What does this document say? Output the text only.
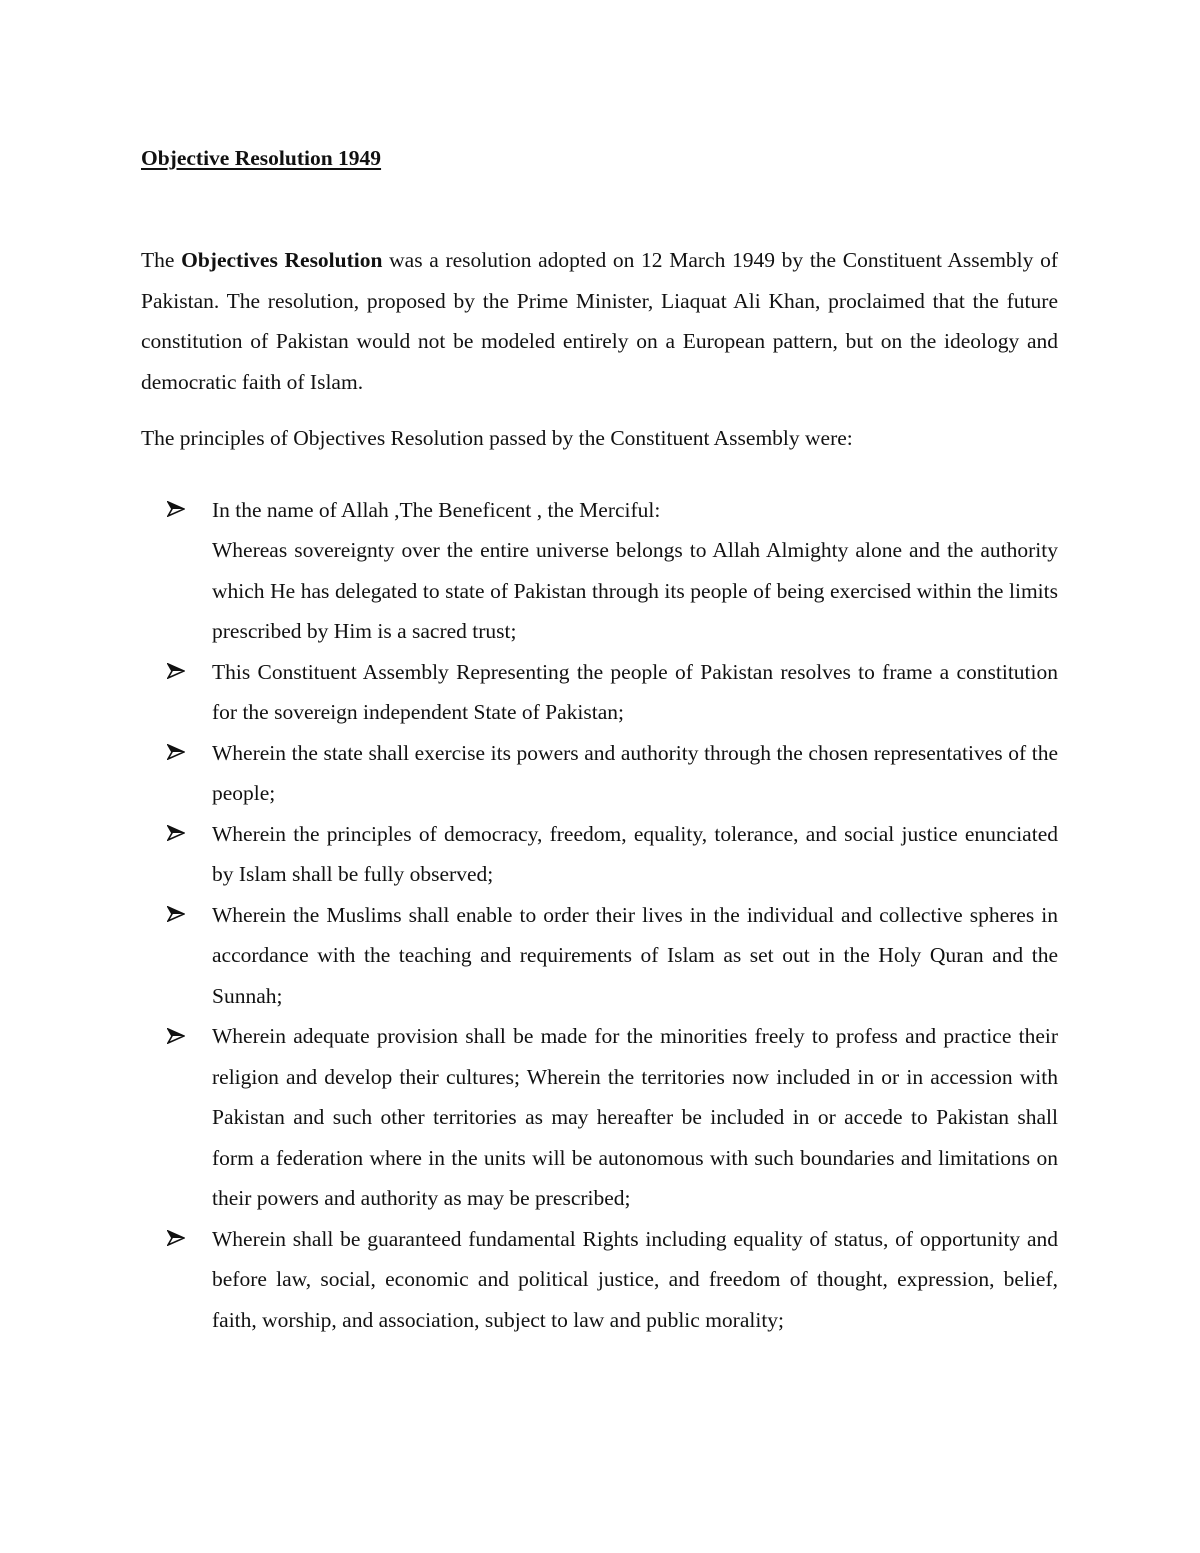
Objective Resolution 1949

The Objectives Resolution was a resolution adopted on 12 March 1949 by the Constituent Assembly of Pakistan. The resolution, proposed by the Prime Minister, Liaquat Ali Khan, proclaimed that the future constitution of Pakistan would not be modeled entirely on a European pattern, but on the ideology and democratic faith of Islam.

The principles of Objectives Resolution passed by the Constituent Assembly were:

In the name of Allah ,The Beneficent , the Merciful:
Whereas sovereignty over the entire universe belongs to Allah Almighty alone and the authority which He has delegated to state of Pakistan through its people of being exercised within the limits prescribed by Him is a sacred trust;
This Constituent Assembly Representing the people of Pakistan resolves to frame a constitution for the sovereign independent State of Pakistan;
Wherein the state shall exercise its powers and authority through the chosen representatives of the people;
Wherein the principles of democracy, freedom, equality, tolerance, and social justice enunciated by Islam shall be fully observed;
Wherein the Muslims shall enable to order their lives in the individual and collective spheres in accordance with the teaching and requirements of Islam as set out in the Holy Quran and the Sunnah;
Wherein adequate provision shall be made for the minorities freely to profess and practice their religion and develop their cultures; Wherein the territories now included in or in accession with Pakistan and such other territories as may hereafter be included in or accede to Pakistan shall form a federation where in the units will be autonomous with such boundaries and limitations on their powers and authority as may be prescribed;
Wherein shall be guaranteed fundamental Rights including equality of status, of opportunity and before law, social, economic and political justice, and freedom of thought, expression, belief, faith, worship, and association, subject to law and public morality;
